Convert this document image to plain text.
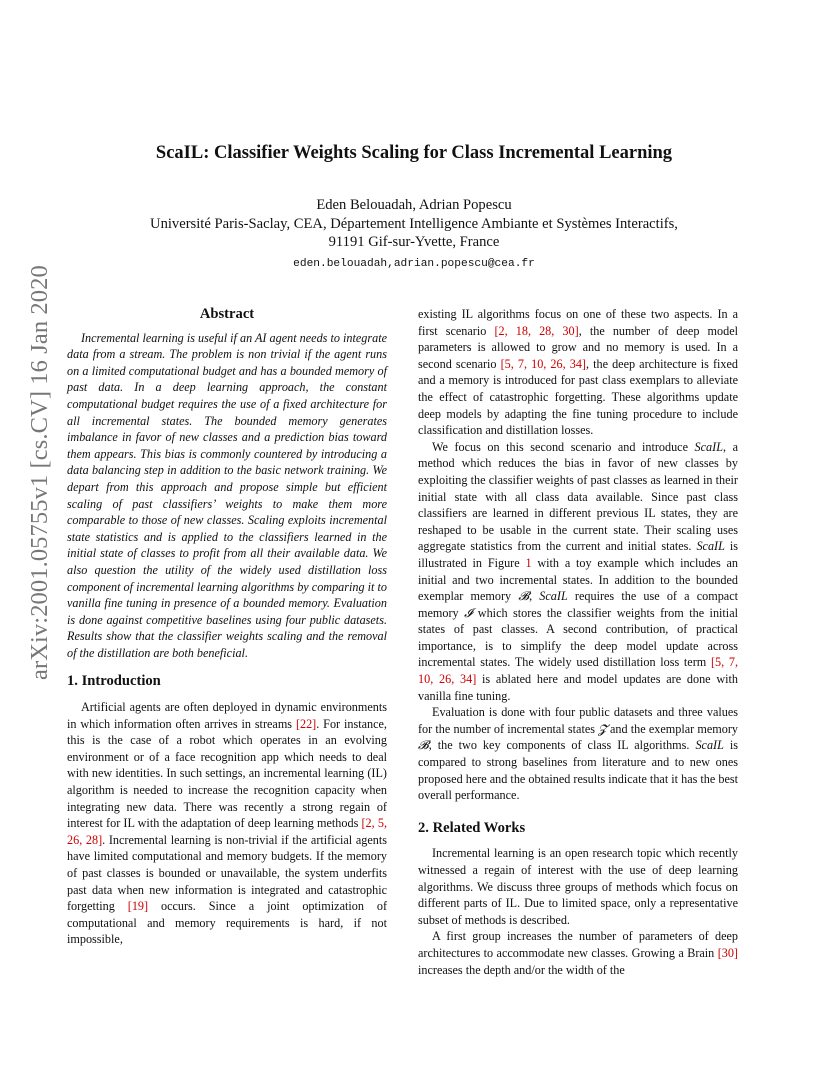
ScaIL: Classifier Weights Scaling for Class Incremental Learning
Eden Belouadah, Adrian Popescu
Université Paris-Saclay, CEA, Département Intelligence Ambiante et Systèmes Interactifs,
91191 Gif-sur-Yvette, France
eden.belouadah,adrian.popescu@cea.fr
arXiv:2001.05755v1 [cs.CV] 16 Jan 2020	Abstract

Incremental learning is useful if an AI agent needs to integrate data from a stream. The problem is non trivial if the agent runs on a limited computational budget and has a bounded memory of past data. In a deep learning approach, the constant computational budget requires the use of a fixed architecture for all incremental states. The bounded memory generates imbalance in favor of new classes and a prediction bias toward them appears. This bias is commonly countered by introducing a data balancing step in addition to the basic network training. We depart from this approach and propose simple but efficient scaling of past classifiers’ weights to make them more comparable to those of new classes. Scaling exploits incremental state statistics and is applied to the classifiers learned in the initial state of classes to profit from all their available data. We also question the utility of the widely used distillation loss component of incremental learning algorithms by comparing it to vanilla fine tuning in presence of a bounded memory. Evaluation is done against competitive baselines using four public datasets. Results show that the classifier weights scaling and the removal of the distillation are both beneficial.

1. Introduction

Artificial agents are often deployed in dynamic environments in which information often arrives in streams [22]. For instance, this is the case of a robot which operates in an evolving environment or of a face recognition app which needs to deal with new identities. In such settings, an incremental learning (IL) algorithm is needed to increase the recognition capacity when integrating new data. There was recently a strong regain of interest for IL with the adaptation of deep learning methods [2, 5, 26, 28]. Incremental learning is non-trivial if the artificial agents have limited computational and memory budgets. If the memory of past classes is bounded or unavailable, the system underfits past data when new information is integrated and catastrophic forgetting [19] occurs. Since a joint optimization of computational and memory requirements is hard, if not impossible,

existing IL algorithms focus on one of these two aspects. In a first scenario [2, 18, 28, 30], the number of deep model parameters is allowed to grow and no memory is used. In a second scenario [5, 7, 10, 26, 34], the deep architecture is fixed and a memory is introduced for past class exemplars to alleviate the effect of catastrophic forgetting. These algorithms update deep models by adapting the fine tuning procedure to include classification and distillation losses.

We focus on this second scenario and introduce ScaIL, a method which reduces the bias in favor of new classes by exploiting the classifier weights of past classes as learned in their initial state with all class data available. Since past class classifiers are learned in different previous IL states, they are reshaped to be usable in the current state. Their scaling uses aggregate statistics from the current and initial states. ScaIL is illustrated in Figure 1 with a toy example which includes an initial and two incremental states. In addition to the bounded exemplar memory 𝓑, ScaIL requires the use of a compact memory 𝓘 which stores the classifier weights from the initial states of past classes. A second contribution, of practical importance, is to simplify the deep model update across incremental states. The widely used distillation loss term [5, 7, 10, 26, 34] is ablated here and model updates are done with vanilla fine tuning.

Evaluation is done with four public datasets and three values for the number of incremental states 𝓩 and the exemplar memory 𝓑, the two key components of class IL algorithms. ScaIL is compared to strong baselines from literature and to new ones proposed here and the obtained results indicate that it has the best overall performance.

2. Related Works

Incremental learning is an open research topic which recently witnessed a regain of interest with the use of deep learning algorithms. We discuss three groups of methods which focus on different parts of IL. Due to limited space, only a representative subset of methods is described.

A first group increases the number of parameters of deep architectures to accommodate new classes. Growing a Brain [30] increases the depth and/or the width of the
